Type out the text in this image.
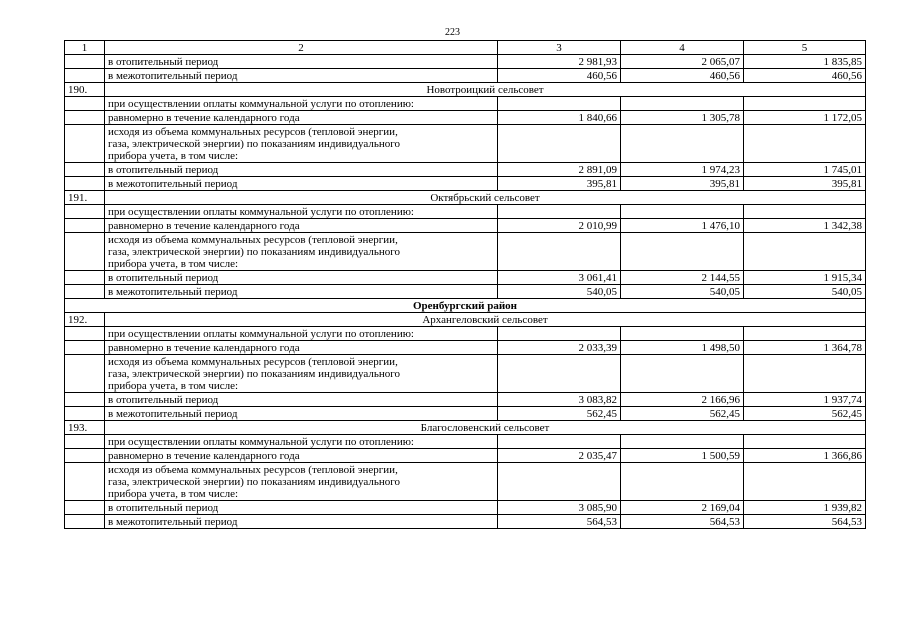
223
1	2	3	4	5
	в отопительный период	2 981,93	2 065,07	1 835,85
	в межотопительный период	460,56	460,56	460,56
190.	Новотроицкий сельсовет			
	при осуществлении оплаты коммунальной услуги по отоплению:			
	равномерно в течение календарного года	1 840,66	1 305,78	1 172,05

	исходя из объема коммунальных ресурсов (тепловой энергии,
газа, электрической энергии) по показаниям индивидуального
прибора учета, в том числе:			

	в отопительный период	2 891,09	1 974,23	1 745,01
	в межотопительный период	395,81	395,81	395,81
191.	Октябрьский сельсовет			
	при осуществлении оплаты коммунальной услуги по отоплению:			
	равномерно в течение календарного года	2 010,99	1 476,10	1 342,38

	исходя из объема коммунальных ресурсов (тепловой энергии,
газа, электрической энергии) по показаниям индивидуального
прибора учета, в том числе:			

	в отопительный период	3 061,41	2 144,55	1 915,34
	в межотопительный период	540,05	540,05	540,05
Оренбургский район				
192.	Архангеловский сельсовет			
	при осуществлении оплаты коммунальной услуги по отоплению:			
	равномерно в течение календарного года	2 033,39	1 498,50	1 364,78

	исходя из объема коммунальных ресурсов (тепловой энергии,
газа, электрической энергии) по показаниям индивидуального
прибора учета, в том числе:			

	в отопительный период	3 083,82	2 166,96	1 937,74
	в межотопительный период	562,45	562,45	562,45
193.	Благословенский сельсовет			
	при осуществлении оплаты коммунальной услуги по отоплению:			
	равномерно в течение календарного года	2 035,47	1 500,59	1 366,86

	исходя из объема коммунальных ресурсов (тепловой энергии,
газа, электрической энергии) по показаниям индивидуального
прибора учета, в том числе:			

	в отопительный период	3 085,90	2 169,04	1 939,82
	в межотопительный период	564,53	564,53	564,53
